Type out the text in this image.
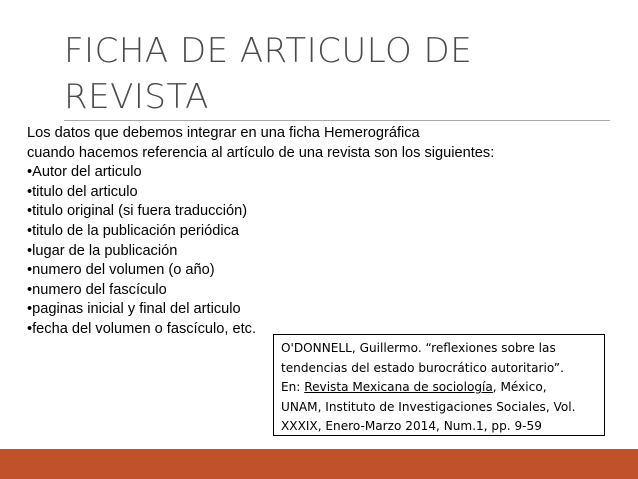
FICHA DE ARTICULO DE
REVISTA
Los datos que debemos integrar en una ficha Hemerográfica
cuando hacemos referencia al artículo de una revista son los siguientes:
•Autor del articulo
•titulo del articulo
•titulo original (si fuera traducción)
•titulo de la publicación periódica
•lugar de la publicación
•numero del volumen (o año)
•numero del fascículo
•paginas inicial y final del articulo
•fecha del volumen o fascículo, etc.
O'DONNELL, Guillermo. “reflexiones sobre las
tendencias del estado burocrático autoritario”.
En: Revista Mexicana de sociología, México,
UNAM, Instituto de Investigaciones Sociales, Vol.
XXXIX, Enero-Marzo 2014, Num.1, pp. 9-59
